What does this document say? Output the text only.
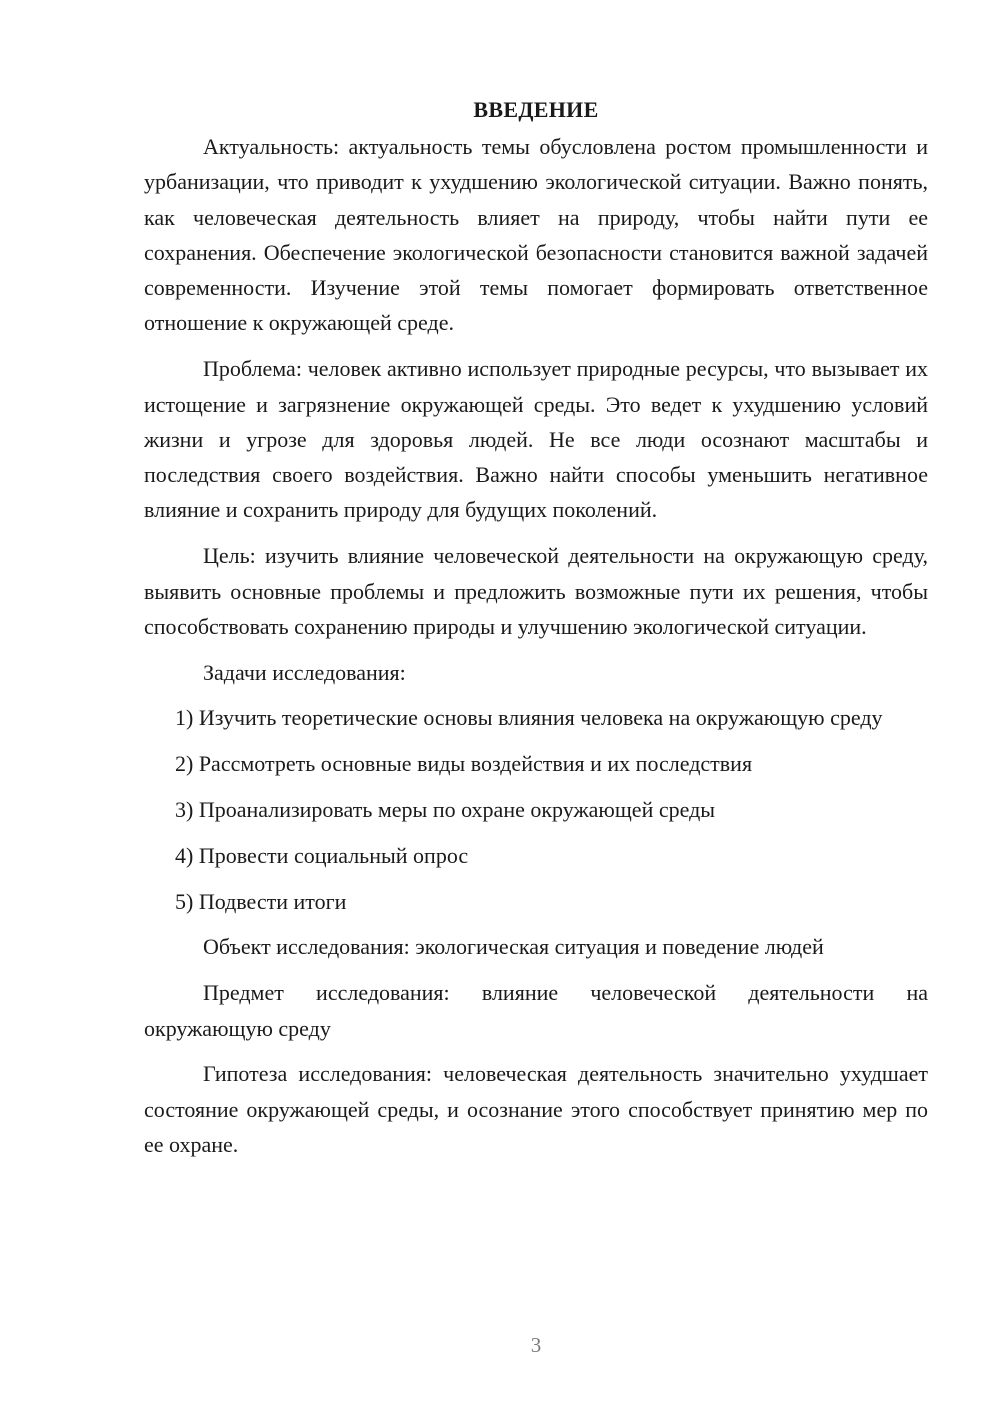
ВВЕДЕНИЕ

Актуальность: актуальность темы обусловлена ростом промышленности и урбанизации, что приводит к ухудшению экологической ситуации. Важно понять, как человеческая деятельность влияет на природу, чтобы найти пути ее сохранения. Обеспечение экологической безопасности становится важной задачей современности. Изучение этой темы помогает формировать ответственное отношение к окружающей среде.

Проблема: человек активно использует природные ресурсы, что вызывает их истощение и загрязнение окружающей среды. Это ведет к ухудшению условий жизни и угрозе для здоровья людей. Не все люди осознают масштабы и последствия своего воздействия. Важно найти способы уменьшить негативное влияние и сохранить природу для будущих поколений.

Цель: изучить влияние человеческой деятельности на окружающую среду, выявить основные проблемы и предложить возможные пути их решения, чтобы способствовать сохранению природы и улучшению экологической ситуации.

Задачи исследования:

1) Изучить теоретические основы влияния человека на окружающую среду

2) Рассмотреть основные виды воздействия и их последствия

3) Проанализировать меры по охране окружающей среды

4) Провести социальный опрос

5) Подвести итоги

Объект исследования: экологическая ситуация и поведение людей

Предмет исследования: влияние человеческой деятельности на окружающую среду

Гипотеза исследования: человеческая деятельность значительно ухудшает состояние окружающей среды, и осознание этого способствует принятию мер по ее охране.

3
